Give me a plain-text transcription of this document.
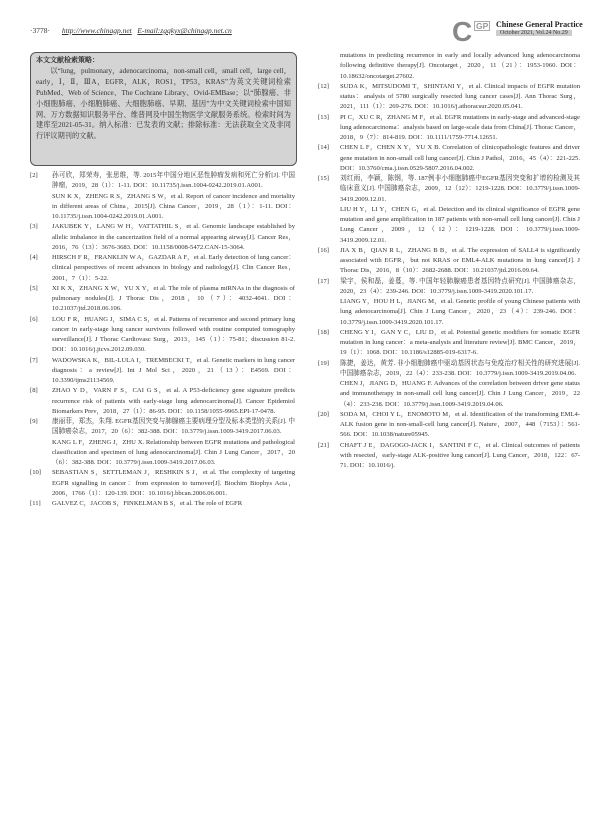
·3778· http://www.chinagp.net E-mail:zgqkyx@chinagp.net.cn	C GP Chinese General Practice
October 2021, Vol.24 No.29
本文文献检索策略：

以“lung，pulmonary，adenocarcinoma，non-small cell，small cell，large cell，early，Ⅰ，Ⅱ，ⅢA，EGFR，ALK，ROS1，TP53，KRAS”为英文关键词检索PubMed、Web of Science、The Cochrane Library、Ovid-EMBase；以“肺腺癌、非小细胞肺癌、小细胞肺癌、大细胞肺癌、早期、基因”为中文关键词检索中国知网、万方数据知识服务平台、维普网及中国生物医学文献服务系统。检索时间为建库至2021-05-31。纳入标准：已发表的文献；排除标准：无法获取全文及非同行评议期刊的文献。

[2] 孙可欣，郑荣寿，张思维，等. 2015年中国分地区恶性肿瘤发病和死亡分析[J]. 中国肿瘤，2019，28（1）：1-11. DOI：10.11735/j.issn.1004-0242.2019.01.A001.

SUN K X，ZHENG R S，ZHANG S W，et al. Report of cancer incidence and mortality in different areas of China，2015[J]. China Cancer，2019，28（1）：1-11. DOI：10.11735/j.issn.1004-0242.2019.01.A001.

[3] JAKUBEK Y，LANG W H，VATTATHIL S，et al. Genomic landscape established by allelic imbalance in the cancerization field of a normal appearing airway[J]. Cancer Res，2016，76（13）：3676-3683. DOI：10.1158/0008-5472.CAN-15-3064.

[4] HIRSCH F R，FRANKLIN W A，GAZDAR A F，et al. Early detection of lung cancer：clinical perspectives of recent advances in biology and radiology[J]. Clin Cancer Res，2001，7（1）：5-22.

[5] XI K X，ZHANG X W，YU X Y，et al. The role of plasma miRNAs in the diagnosis of pulmonary nodules[J]. J Thorac Dis，2018，10（7）：4032-4041. DOI：10.21037/jtd.2018.06.106.

[6] LOU F R，HUANG J，SIMA C S，et al. Patterns of recurrence and second primary lung cancer in early-stage lung cancer survivors followed with routine computed tomography surveillance[J]. J Thorac Cardiovasc Surg，2013，145（1）：75-81；discussion 81-2. DOI：10.1016/j.jtcvs.2012.09.030.

[7] WADOWSKA K，BIL-LULA I，TREMBECKI T，et al. Genetic markers in lung cancer diagnosis：a review[J]. Int J Mol Sci，2020，21（13）：E4569. DOI：10.3390/ijms21134569.

[8] ZHAO Y D，VARN F S，CAI G S，et al. A P53-deficiency gene signature predicts recurrence risk of patients with early-stage lung adenocarcinoma[J]. Cancer Epidemiol Biomarkers Prev，2018，27（1）：86-95. DOI：10.1158/1055-9965.EPI-17-0478.

[9] 康丽菲，郑杰，朱翔. EGFR基因突变与肺腺癌主要病理分型及标本类型的关系[J]. 中国肺癌杂志，2017，20（6）：382-388. DOI：10.3779/j.issn.1009-3419.2017.06.03.

KANG L F，ZHENG J，ZHU X. Relationship between EGFR mutations and pathological classification and specimen of lung adenocarcinoma[J]. Chin J Lung Cancer，2017，20（6）：382-388. DOI：10.3779/j.issn.1009-3419.2017.06.03.

[10] SEBASTIAN S，SETTLEMAN J，RESHKIN S J，et al. The complexity of targeting EGFR signalling in cancer：from expression to turnover[J]. Biochim Biophys Acta，2006，1766（1）：120-139. DOI：10.1016/j.bbcan.2006.06.001.

[11] GALVEZ C，JACOB S，FINKELMAN B S，et al. The role of EGFR

mutations in predicting recurrence in early and locally advanced lung adenocarcinoma following definitive therapy[J]. Oncotarget，2020，11（21）：1953-1960. DOI：10.18632/oncotarget.27602.

[12] SUDA K，MITSUDOMI T，SHINTANI Y，et al. Clinical impacts of EGFR mutation status：analysis of 5780 surgically resected lung cancer cases[J]. Ann Thorac Surg，2021，111（1）：269-276. DOI：10.1016/j.athoracsur.2020.05.041.

[13] PI C，XU C R，ZHANG M F，et al. EGFR mutations in early-stage and advanced-stage lung adenocarcinoma：analysis based on large-scale data from China[J]. Thorac Cancer，2018，9（7）：814-819. DOI：10.1111/1759-7714.12651.

[14] CHEN L F，CHEN X Y，YU X B. Correlation of clinicopathologic features and driver gene mutation in non-small cell lung cancer[J]. Chin J Pathol，2016，45（4）：221-225. DOI：10.3760/cma.j.issn.0529-5807.2016.04.002.

[15] 刘红雨，李颖，陈钢，等. 187例非小细胞肺癌中EGFR基因突变和扩增的检测及其临床意义[J]. 中国肺癌杂志，2009，12（12）：1219-1228. DOI：10.3779/j.issn.1009-3419.2009.12.01.

LIU H Y，LI Y，CHEN G，et al. Detection and its clinical significance of EGFR gene mutation and gene amplification in 187 patients with non-small cell lung cancer[J]. Chin J Lung Cancer，2009，12（12）：1219-1228. DOI：10.3779/j.issn.1009-3419.2009.12.01.

[16] JIA X B，QIAN R L，ZHANG B B，et al. The expression of SALL4 is significantly associated with EGFR，but not KRAS or EML4-ALK mutations in lung cancer[J]. J Thorac Dis，2016，8（10）：2682-2688. DOI：10.21037/jtd.2016.09.64.

[17] 梁宇，侯和磊，姜蔓，等. 中国年轻肺腺癌患者基因特点研究[J]. 中国肺癌杂志，2020，23（4）：239-246. DOI：10.3779/j.issn.1009-3419.2020.101.17.

LIANG Y，HOU H L，JIANG M，et al. Genetic profile of young Chinese patients with lung adenocarcinoma[J]. Chin J Lung Cancer，2020，23（4）：239-246. DOI：10.3779/j.issn.1009-3419.2020.101.17.

[18] CHENG Y I，GAN Y C，LIU D，et al. Potential genetic modifiers for somatic EGFR mutation in lung cancer：a meta-analysis and literature review[J]. BMC Cancer，2019，19（1）：1068. DOI：10.1186/s12885-019-6317-6.

[19] 陈捷，姜达，黄芳. 非小细胞肺癌中驱动基因状态与免疫治疗相关性的研究进展[J]. 中国肺癌杂志，2019，22（4）：233-238. DOI：10.3779/j.issn.1009-3419.2019.04.06.

CHEN J，JIANG D，HUANG F. Advances of the correlation between driver gene status and immunotherapy in non-small cell lung cancer[J]. Chin J Lung Cancer，2019，22（4）：233-238. DOI：10.3779/j.issn.1009-3419.2019.04.06.

[20] SODA M，CHOI Y L，ENOMOTO M，et al. Identification of the transforming EML4-ALK fusion gene in non-small-cell lung cancer[J]. Nature，2007，448（7153）：561-566. DOI：10.1038/nature05945.

[21] CHAFT J E，DAGOGO-JACK I，SANTINI F C，et al. Clinical outcomes of patients with resected，early-stage ALK-positive lung cancer[J]. Lung Cancer，2018，122：67-71. DOI：10.1016/j.
